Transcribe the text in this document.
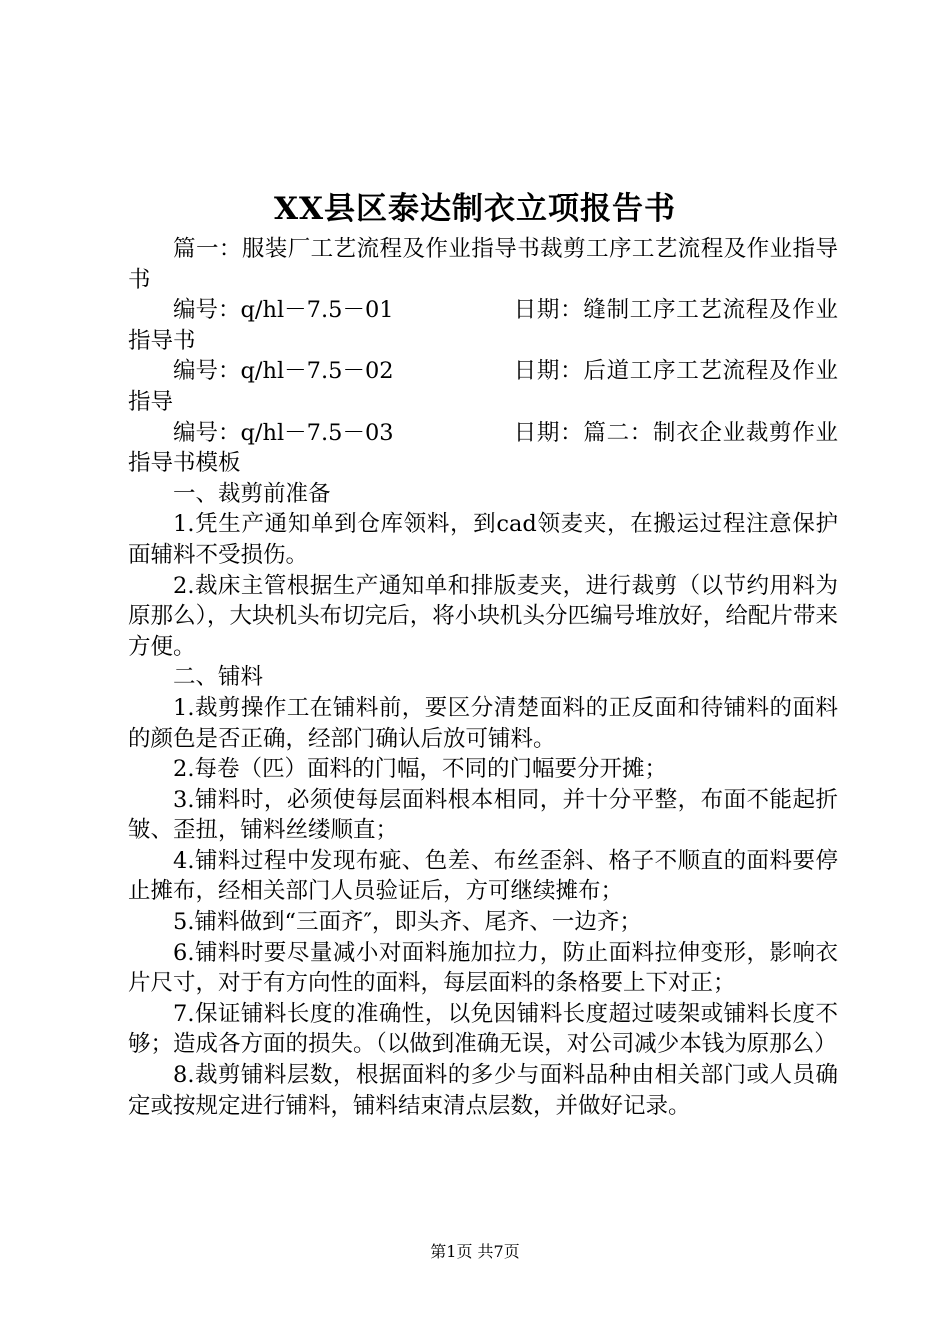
XX县区泰达制衣立项报告书

篇一：服装厂工艺流程及作业指导书裁剪工序工艺流程及作业指导书

编号：q/hl－7.5－01	日期：缝制工序工艺流程及作业指导书

编号：q/hl－7.5－02	日期：后道工序工艺流程及作业指导

编号：q/hl－7.5－03	日期：篇二：制衣企业裁剪作业指导书模板

一、裁剪前准备

1.凭生产通知单到仓库领料，到cad领麦夹，在搬运过程注意保护面辅料不受损伤。

2.裁床主管根据生产通知单和排版麦夹，进行裁剪（以节约用料为原那么），大块机头布切完后，将小块机头分匹编号堆放好，给配片带来方便。

二、铺料

1.裁剪操作工在铺料前，要区分清楚面料的正反面和待铺料的面料的颜色是否正确，经部门确认后放可铺料。

2.每卷（匹）面料的门幅，不同的门幅要分开摊；

3.铺料时，必须使每层面料根本相同，并十分平整，布面不能起折皱、歪扭，铺料丝缕顺直；

4.铺料过程中发现布疵、色差、布丝歪斜、格子不顺直的面料要停止摊布，经相关部门人员验证后，方可继续摊布；

5.铺料做到“三面齐″，即头齐、尾齐、一边齐；

6.铺料时要尽量减小对面料施加拉力，防止面料拉伸变形，影响衣片尺寸，对于有方向性的面料，每层面料的条格要上下对正；

7.保证铺料长度的准确性，以免因铺料长度超过唛架或铺料长度不够；造成各方面的损失。（以做到准确无误，对公司减少本钱为原那么）

8.裁剪铺料层数，根据面料的多少与面料品种由相关部门或人员确定或按规定进行铺料，铺料结束清点层数，并做好记录。

第1页 共7页
